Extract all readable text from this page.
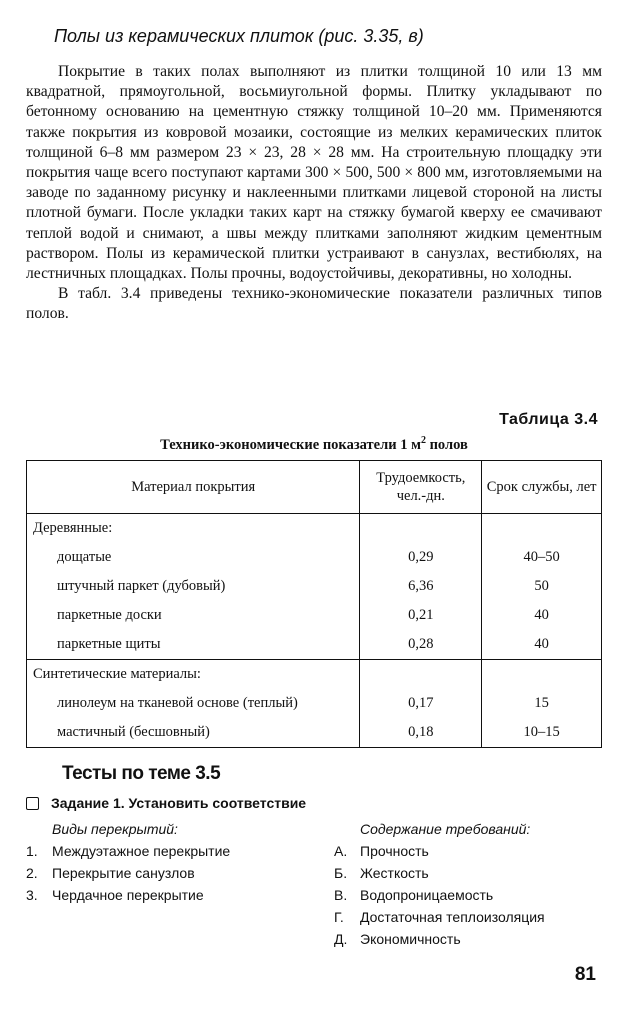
Полы из керамических плиток (рис. 3.35, в)

Покрытие в таких полах выполняют из плитки толщиной 10 или 13 мм квадратной, прямоугольной, восьмиугольной формы. Плитку укладывают по бетонному основанию на цементную стяжку толщиной 10–20 мм. Применяются также покрытия из ковровой мозаики, состоящие из мелких керамических плиток толщиной 6–8 мм размером 23 × 23, 28 × 28 мм. На строительную площадку эти покрытия чаще всего поступают картами 300 × 500, 500 × 800 мм, изготовляемыми на заводе по заданному рисунку и наклеенными плитками лицевой стороной на листы плотной бумаги. После укладки таких карт на стяжку бумагой кверху ее смачивают теплой водой и снимают, а швы между плитками заполняют жидким цементным раствором. Полы из керамической плитки устраивают в санузлах, вестибюлях, на лестничных площадках. Полы прочны, водоустойчивы, декоративны, но холодны.

В табл. 3.4 приведены технико-экономические показатели различных типов полов.

Таблица 3.4
Технико-экономические показатели 1 $м^2$ полов
Материал покрытия	Трудоемкость, чел.-дн.	Срок службы, лет
Деревянные:		
дощатые	0,29	40–50
штучный паркет (дубовый)	6,36	50
паркетные доски	0,21	40
паркетные щиты	0,28	40
Синтетические материалы:		
линолеум на тканевой основе (теплый)	0,17	15
мастичный (бесшовный)	0,18	10–15
Тесты по теме 3.5
Задание 1. Установить соответствие
Виды перекрытий:
1.	Междуэтажное перекрытие
2.	Перекрытие санузлов
3.	Чердачное перекрытие
Содержание требований:
А. Прочность
Б. Жесткость
В. Водопроницаемость
Г.	Достаточная теплоизоляция
Д. Экономичность
81
